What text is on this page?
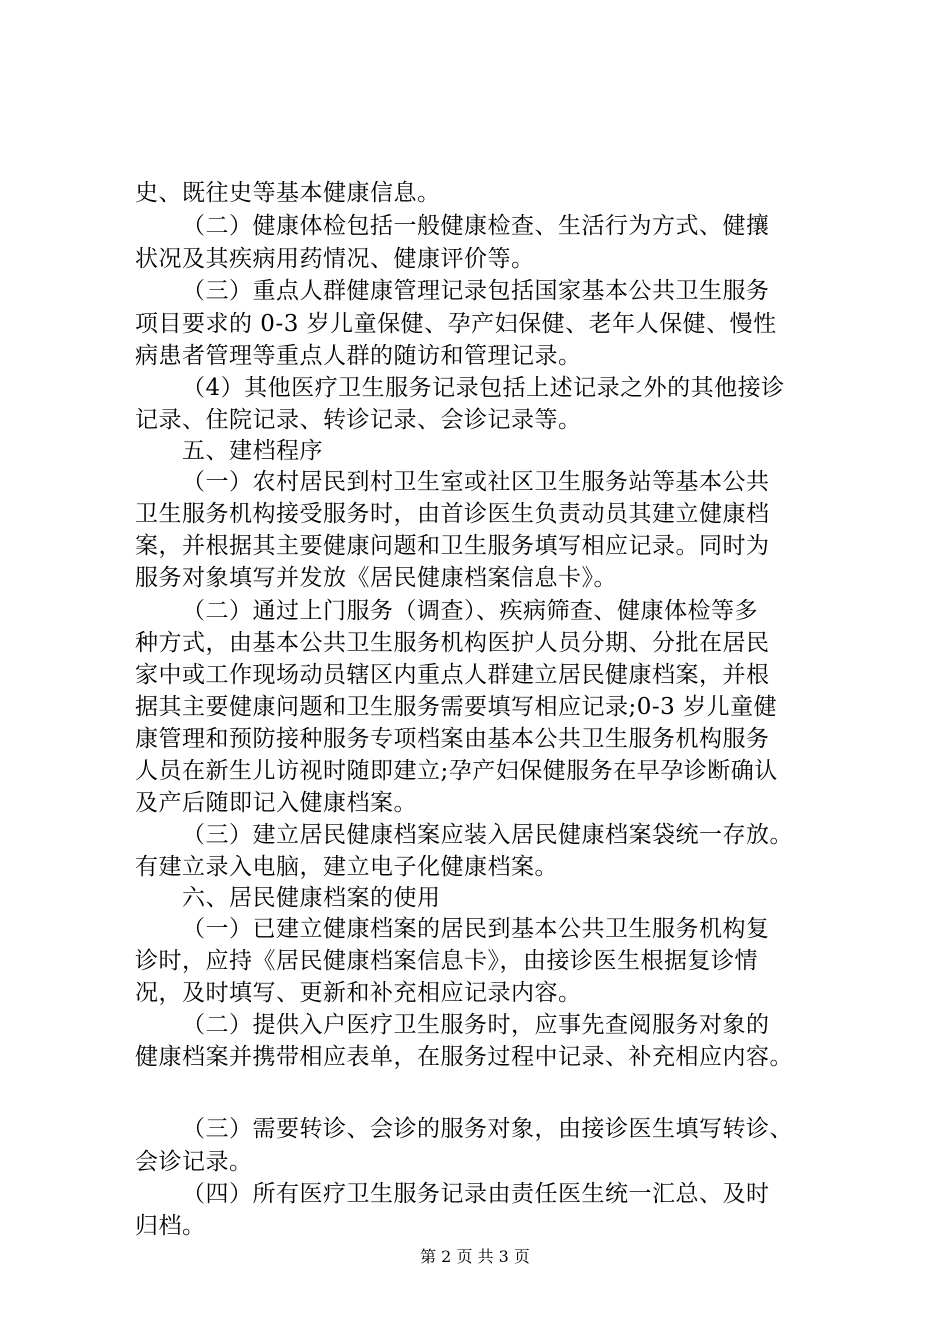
史、既往史等基本健康信息。
（二）健康体检包括一般健康检查、生活行为方式、健攘
状况及其疾病用药情况、健康评价等。
（三）重点人群健康管理记录包括国家基本公共卫生服务
项目要求的 0-3 岁儿童保健、孕产妇保健、老年人保健、慢性
病患者管理等重点人群的随访和管理记录。
（4）其他医疗卫生服务记录包括上述记录之外的其他接诊
记录、住院记录、转诊记录、会诊记录等。
五、建档程序
（一）农村居民到村卫生室或社区卫生服务站等基本公共
卫生服务机构接受服务时，由首诊医生负责动员其建立健康档
案，并根据其主要健康问题和卫生服务填写相应记录。同时为
服务对象填写并发放《居民健康档案信息卡》。
（二）通过上门服务（调查）、疾病筛查、健康体检等多
种方式，由基本公共卫生服务机构医护人员分期、分批在居民
家中或工作现场动员辖区内重点人群建立居民健康档案，并根
据其主要健康问题和卫生服务需要填写相应记录;0-3 岁儿童健
康管理和预防接种服务专项档案由基本公共卫生服务机构服务
人员在新生儿访视时随即建立;孕产妇保健服务在早孕诊断确认
及产后随即记入健康档案。
（三）建立居民健康档案应装入居民健康档案袋统一存放。
有建立录入电脑，建立电子化健康档案。
六、居民健康档案的使用
（一）已建立健康档案的居民到基本公共卫生服务机构复
诊时，应持《居民健康档案信息卡》，由接诊医生根据复诊情
况，及时填写、更新和补充相应记录内容。
（二）提供入户医疗卫生服务时，应事先查阅服务对象的
健康档案并携带相应表单，在服务过程中记录、补充相应内容。
（三）需要转诊、会诊的服务对象，由接诊医生填写转诊、
会诊记录。
（四）所有医疗卫生服务记录由责任医生统一汇总、及时
归档。
第 2 页 共 3 页
